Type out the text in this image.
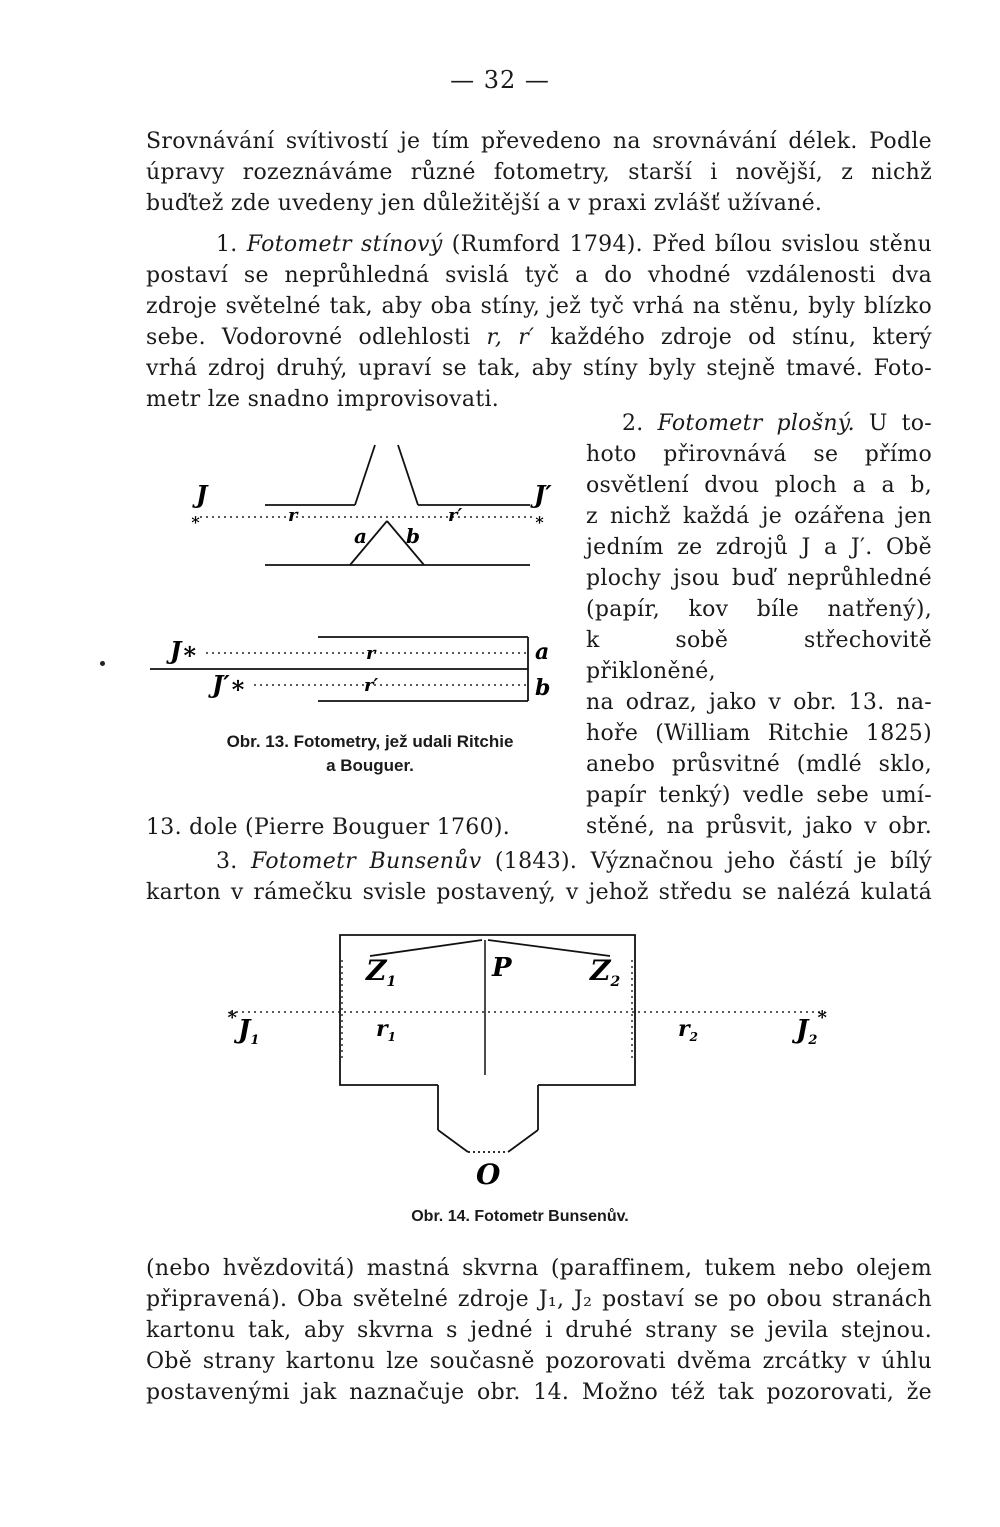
— 32 —

Srovnávání svítivostí je tím převedeno na srovnávání délek. Podle

úpravy rozeznáváme různé fotometry, starší i novější, z nichž

buďtež zde uvedeny jen důležitější a v praxi zvlášť užívané.

1. Fotometr stínový (Rumford 1794). Před bílou svislou stěnu

postaví se neprůhledná svislá tyč a do vhodné vzdálenosti dva

zdroje světelné tak, aby oba stíny, jež tyč vrhá na stěnu, byly blízko

sebe. Vodorovné odlehlosti r, r′ každého zdroje od stínu, který

vrhá zdroj druhý, upraví se tak, aby stíny byly stejně tmavé. Foto-

metr lze snadno improvisovati.

2. Fotometr plošný. U to-

hoto přirovnává se přímo

osvětlení dvou ploch a a b,

z nichž každá je ozářena jen

jedním ze zdrojů J a J′. Obě

plochy jsou buď neprůhledné

(papír, kov bíle natřený),

k sobě střechovitě přikloněné,

na odraz, jako v obr. 13. na-

hoře (William Ritchie 1825)

anebo průsvitné (mdlé sklo,

papír tenký) vedle sebe umí-

stěné, na průsvit, jako v obr.

13. dole (Pierre Bouguer 1760).
J	J′
∗	∗
r	r′
a b
J∗
J′∗
r
r′
a
b
Obr. 13. Fotometry, jež udali Ritchie
a Bouguer.

3. Fotometr Bunsenův (1843). Význačnou jeho částí je bílý

karton v rámečku svisle postavený, v jehož středu se nalézá kulatá

∗	∗
$Z_1$	P	$Z_2$
$J_1$	$r_1$	$r_2$	$J_2$
O
Obr. 14. Fotometr Bunsenův.

(nebo hvězdovitá) mastná skvrna (paraffinem, tukem nebo olejem

připravená). Oba světelné zdroje J₁, J₂ postaví se po obou stranách

kartonu tak, aby skvrna s jedné i druhé strany se jevila stejnou.

Obě strany kartonu lze současně pozorovati dvěma zrcátky v úhlu

postavenými jak naznačuje obr. 14. Možno též tak pozorovati, že
